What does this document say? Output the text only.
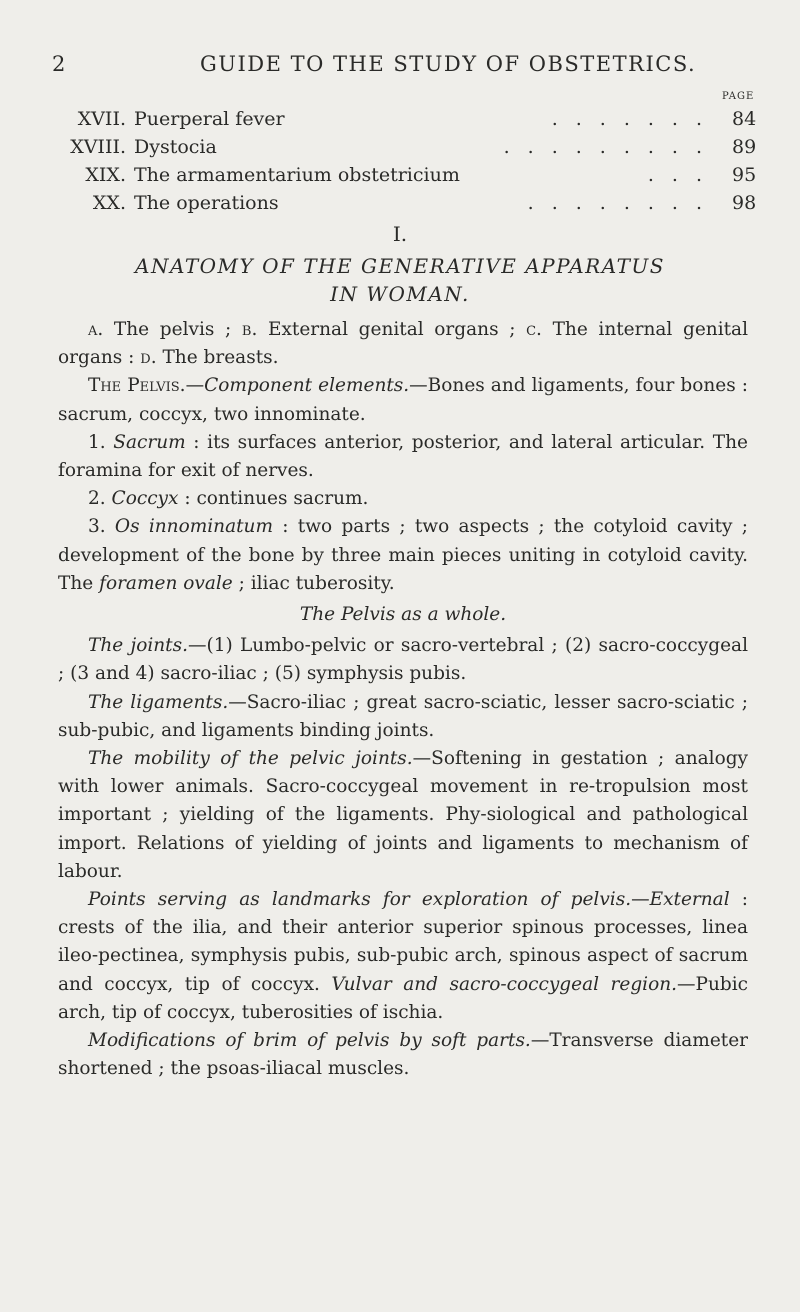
2	GUIDE TO THE STUDY OF OBSTETRICS.
PAGE
XVII. Puerperal fever	....... 84
XVIII. Dystocia	......... 89
XIX. The armamentarium obstetricium	... 95
XX. The operations	........ 98
I.
ANATOMY OF THE GENERATIVE APPARATUS
IN WOMAN.

a. The pelvis ; b. External genital organs ; c. The internal genital organs : d. The breasts.

The Pelvis.—Component elements.—Bones and ligaments, four bones : sacrum, coccyx, two innominate.

1. Sacrum : its surfaces anterior, posterior, and lateral articular. The foramina for exit of nerves.

2. Coccyx : continues sacrum.

3. Os innominatum : two parts ; two aspects ; the cotyloid cavity ; development of the bone by three main pieces uniting in cotyloid cavity. The foramen ovale ; iliac tuberosity.

The Pelvis as a whole.

The joints.—(1) Lumbo-pelvic or sacro-vertebral ; (2) sacro-coccygeal ; (3 and 4) sacro-iliac ; (5) symphysis pubis.

The ligaments.—Sacro-iliac ; great sacro-sciatic, lesser sacro-sciatic ; sub-pubic, and ligaments binding joints.

The mobility of the pelvic joints.—Softening in gestation ; analogy with lower animals. Sacro-coccygeal movement in re-tropulsion most important ; yielding of the ligaments. Phy-siological and pathological import. Relations of yielding of joints and ligaments to mechanism of labour.

Points serving as landmarks for exploration of pelvis.—External : crests of the ilia, and their anterior superior spinous processes, linea ileo-pectinea, symphysis pubis, sub-pubic arch, spinous aspect of sacrum and coccyx, tip of coccyx. Vulvar and sacro-coccygeal region.—Pubic arch, tip of coccyx, tuberosities of ischia.

Modifications of brim of pelvis by soft parts.—Transverse diameter shortened ; the psoas-iliacal muscles.
